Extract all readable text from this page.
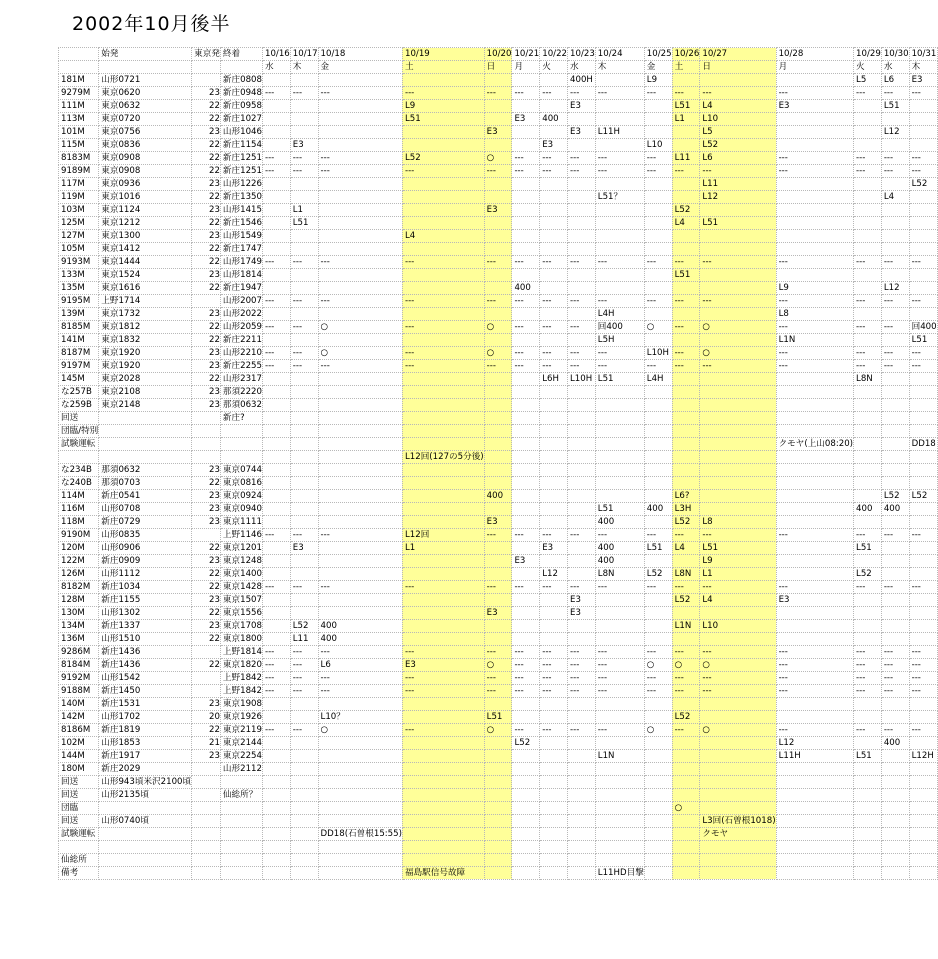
2002年10月後半
	始発	東京発	終着	10/16	10/17	10/18	10/19	10/20	10/21	10/22	10/23	10/24	10/25	10/26	10/27	10/28	10/29	10/30	10/31
				水	木	金	土	日	月	火	水	木	金	土	日	月	火	水	木
181M	山形0721		新庄0808								400H		L9				L5	L6	E3
9279M	東京0620	23	新庄0948	---	---	---	---	---	---	---	---	---	---	---	---	---	---	---	---
111M	東京0632	22	新庄0958				L9				E3			L51	L4	E3		L51	
113M	東京0720	22	新庄1027				L51		E3	400				L1	L10				
101M	東京0756	23	山形1046					E3			E3	L11H			L5			L12	
115M	東京0836	22	新庄1154		E3					E3			L10		L52				
8183M	東京0908	22	新庄1251	---	---	---	L52	○	---	---	---	---	---	L11	L6	---	---	---	---
9189M	東京0908	22	新庄1251	---	---	---	---	---	---	---	---	---	---	---	---	---	---	---	---
117M	東京0936	23	山形1226												L11				L52
119M	東京1016	22	新庄1350									L51？			L12			L4	
103M	東京1124	23	山形1415		L1			E3						L52					
125M	東京1212	22	新庄1546		L51									L4	L51				
127M	東京1300	23	山形1549				L4												
105M	東京1412	22	新庄1747																
9193M	東京1444	22	山形1749	---	---	---	---	---	---	---	---	---	---	---	---	---	---	---	---
133M	東京1524	23	山形1814											L51					
135M	東京1616	22	新庄1947						400							L9		L12	
9195M	上野1714		山形2007	---	---	---	---	---	---	---	---	---	---	---	---	---	---	---	---
139M	東京1732	23	山形2022									L4H				L8			
8185M	東京1812	22	山形2059	---	---	○	---	○	---	---	---	回400	○	---	○	---	---	---	回400
141M	東京1832	22	新庄2211									L5H				L1N			L51
8187M	東京1920	23	山形2210	---	---	○	---	○	---	---	---	---	L10H	---	○	---	---	---	---
9197M	東京1920	23	新庄2255	---	---	---	---	---	---	---	---	---	---	---	---	---	---	---	---
145M	東京2028	22	山形2317							L6H	L10H	L51	L4H				L8N		
な257B	東京2108	23	那須2220																
な259B	東京2148	23	那須0632																
回送			新庄?																
団臨/特別																			
試験運転																クモヤ(上山08:20)			DD18
							L12回(127の5分後)												
な234B	那須0632	23	東京0744																
な240B	那須0703	22	東京0816																
114M	新庄0541	23	東京0924					400						L6?				L52	L52
116M	山形0708	23	東京0940									L51	400	L3H			400	400	
118M	新庄0729	23	東京1111					E3				400		L52	L8				
9190M	山形0835		上野1146	---	---	---	L12回	---	---	---	---	---	---	---	---	---	---	---	---
120M	山形0906	22	東京1201		E3		L1			E3		400	L51	L4	L51		L51		
122M	新庄0909	23	東京1248						E3			400			L9				
126M	山形1112	22	東京1400							L12		L8N	L52	L8N	L1		L52		
8182M	新庄1034	22	東京1428	---	---	---	---	---	---	---	---	---	---	---	---	---	---	---	---
128M	新庄1155	23	東京1507								E3			L52	L4	E3			
130M	山形1302	22	東京1556					E3			E3								
134M	新庄1337	23	東京1708		L52	400								L1N	L10				
136M	山形1510	22	東京1800		L11	400													
9286M	新庄1436		上野1814	---	---	---	---	---	---	---	---	---	---	---	---	---	---	---	---
8184M	新庄1436	22	東京1820	---	---	L6	E3	○	---	---	---	---	○	○	○	---	---	---	---
9192M	山形1542		上野1842	---	---	---	---	---	---	---	---	---	---	---	---	---	---	---	---
9188M	新庄1450		上野1842	---	---	---	---	---	---	---	---	---	---	---	---	---	---	---	---
140M	新庄1531	23	東京1908																
142M	山形1702	20	東京1926			L10？		L51						L52					
8186M	新庄1819	22	東京2119	---	---	○	---	○	---	---	---	---	○	---	○	---	---	---	---
102M	山形1853	21	東京2144						L52							L12		400	
144M	新庄1917	23	東京2254									L1N				L11H	L51		L12H
180M	新庄2029		山形2112																
回送	山形943頃米沢2100頃																		
回送	山形2135頃		仙総所？																
団臨														○					
回送	山形0740頃														L3回(石曽根1018)				
試験運転						DD18(石曽根15:55)									クモヤ				

仙総所																			
備考							福島駅信号故障					L11HD目撃							
